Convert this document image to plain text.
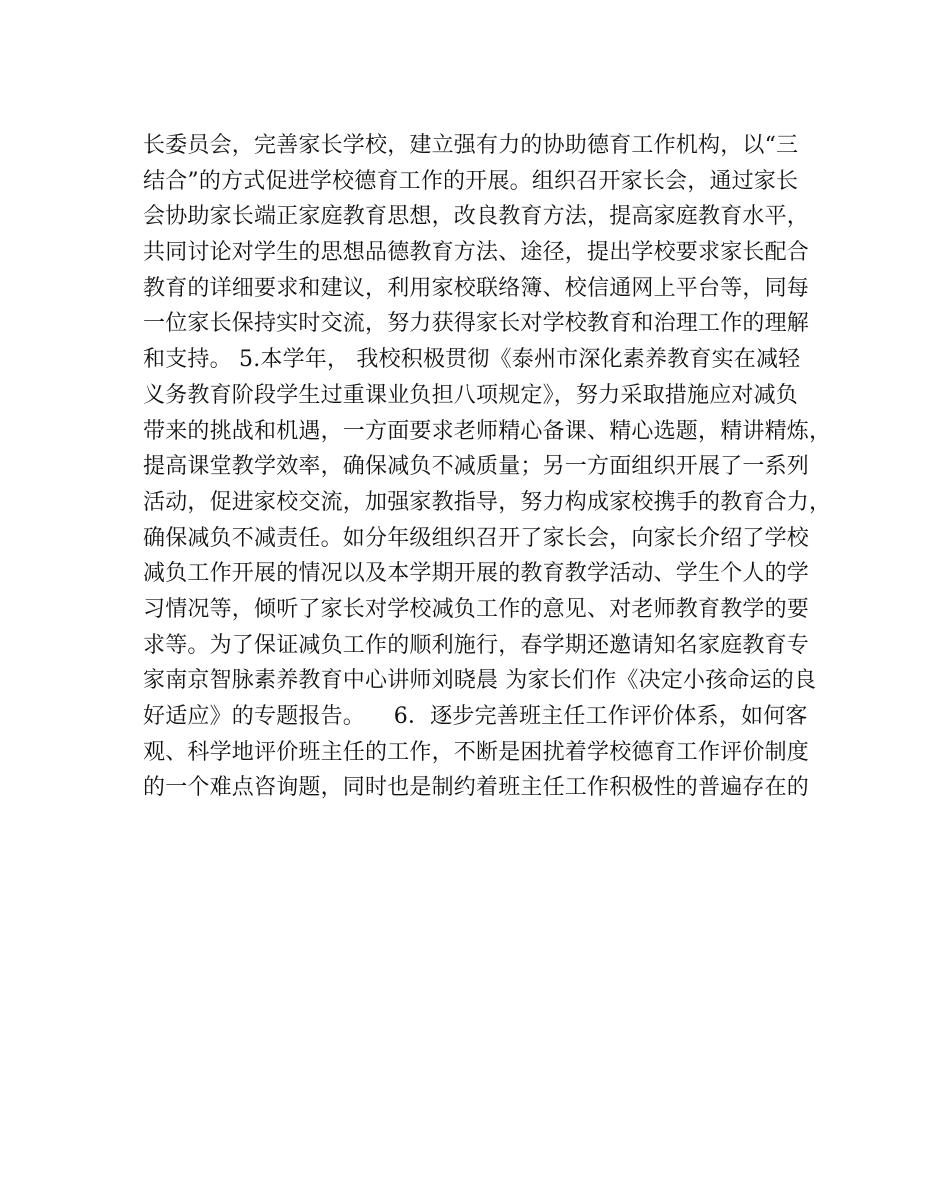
长委员会，完善家长学校，建立强有力的协助德育工作机构，以“三
结合”的方式促进学校德育工作的开展。组织召开家长会，通过家长
会协助家长端正家庭教育思想，改良教育方法，提高家庭教育水平，
共同讨论对学生的思想品德教育方法、途径，提出学校要求家长配合
教育的详细要求和建议，利用家校联络簿、校信通网上平台等，同每
一位家长保持实时交流，努力获得家长对学校教育和治理工作的理解
和支持。 5.本学年， 我校积极贯彻《泰州市深化素养教育实在减轻
义务教育阶段学生过重课业负担八项规定》，努力采取措施应对减负
带来的挑战和机遇，一方面要求老师精心备课、精心选题，精讲精炼，
提高课堂教学效率，确保减负不减质量；另一方面组织开展了一系列
活动，促进家校交流，加强家教指导，努力构成家校携手的教育合力，
确保减负不减责任。如分年级组织召开了家长会，向家长介绍了学校
减负工作开展的情况以及本学期开展的教育教学活动、学生个人的学
习情况等，倾听了家长对学校减负工作的意见、对老师教育教学的要
求等。为了保证减负工作的顺利施行，春学期还邀请知名家庭教育专
家南京智脉素养教育中心讲师刘晓晨 为家长们作《决定小孩命运的良
好适应》的专题报告。    6．逐步完善班主任工作评价体系，如何客
观、科学地评价班主任的工作，不断是困扰着学校德育工作评价制度
的一个难点咨询题，同时也是制约着班主任工作积极性的普遍存在的
